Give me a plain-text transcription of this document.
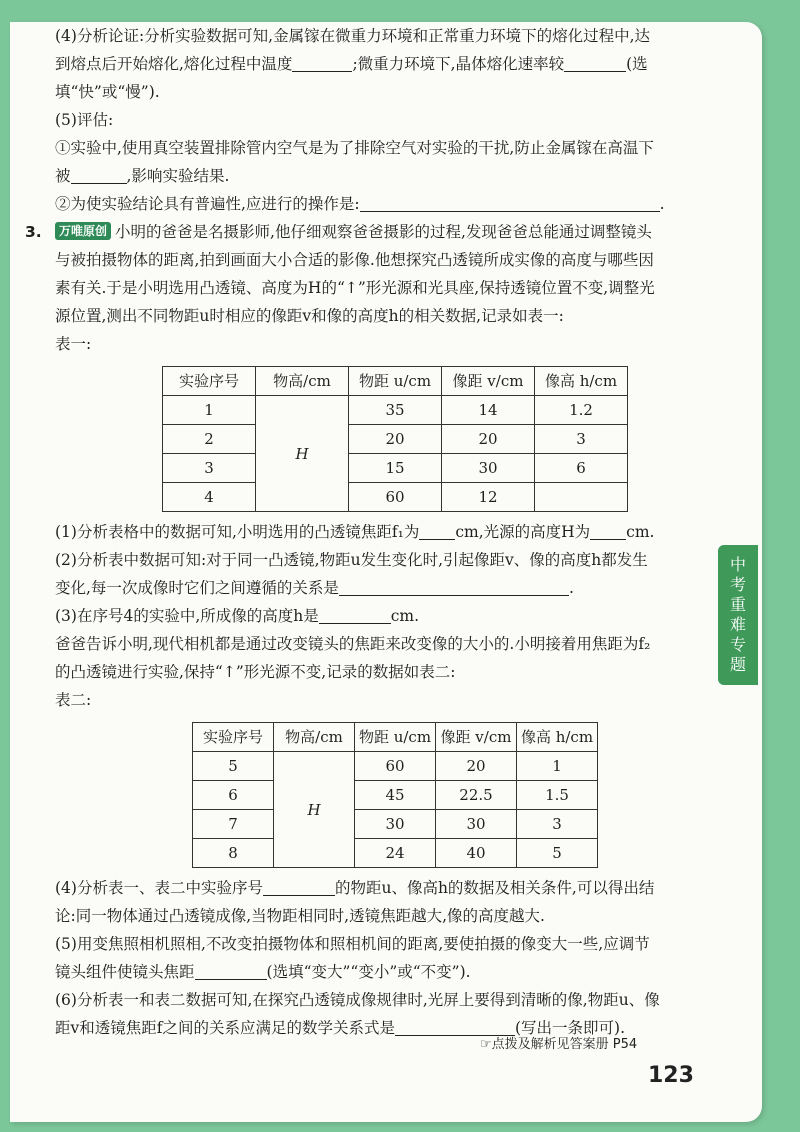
中考重难专题
(4)分析论证:分析实验数据可知,金属镓在微重力环境和正常重力环境下的熔化过程中,达
到熔点后开始熔化,熔化过程中温度	;微重力环境下,晶体熔化速率较	(选
填“快”或“慢”).
(5)评估:
①实验中,使用真空装置排除管内空气是为了排除空气对实验的干扰,防止金属镓在高温下
被	,影响实验结果.
②为使实验结论具有普遍性,应进行的操作是:	.
3. 万唯原创 小明的爸爸是名摄影师,他仔细观察爸爸摄影的过程,发现爸爸总能通过调整镜头
与被拍摄物体的距离,拍到画面大小合适的影像.他想探究凸透镜所成实像的高度与哪些因
素有关.于是小明选用凸透镜、高度为H的“↑”形光源和光具座,保持透镜位置不变,调整光
源位置,测出不同物距u时相应的像距v和像的高度h的相关数据,记录如表一:
表一:
实验序号	物高/cm	物距 u/cm	像距 v/cm	像高 h/cm
1	H	35	14	1.2
2		20	20	3
3		15	30	6
4		60	12	
(1)分析表格中的数据可知,小明选用的凸透镜焦距f₁为 cm,光源的高度H为 cm.
(2)分析表中数据可知:对于同一凸透镜,物距u发生变化时,引起像距v、像的高度h都发生
变化,每一次成像时它们之间遵循的关系是	.
(3)在序号4的实验中,所成像的高度h是	cm.
爸爸告诉小明,现代相机都是通过改变镜头的焦距来改变像的大小的.小明接着用焦距为f₂
的凸透镜进行实验,保持“↑”形光源不变,记录的数据如表二:
表二:
实验序号	物高/cm	物距 u/cm	像距 v/cm	像高 h/cm
5	H	60	20	1
6		45	22.5	1.5
7		30	30	3
8		24	40	5
(4)分析表一、表二中实验序号	的物距u、像高h的数据及相关条件,可以得出结
论:同一物体通过凸透镜成像,当物距相同时,透镜焦距越大,像的高度越大.
(5)用变焦照相机照相,不改变拍摄物体和照相机间的距离,要使拍摄的像变大一些,应调节
镜头组件使镜头焦距	(选填“变大”“变小”或“不变”).
(6)分析表一和表二数据可知,在探究凸透镜成像规律时,光屏上要得到清晰的像,物距u、像
距v和透镜焦距f之间的关系应满足的数学关系式是	(写出一条即可).
☞点拨及解析见答案册 P54
123
